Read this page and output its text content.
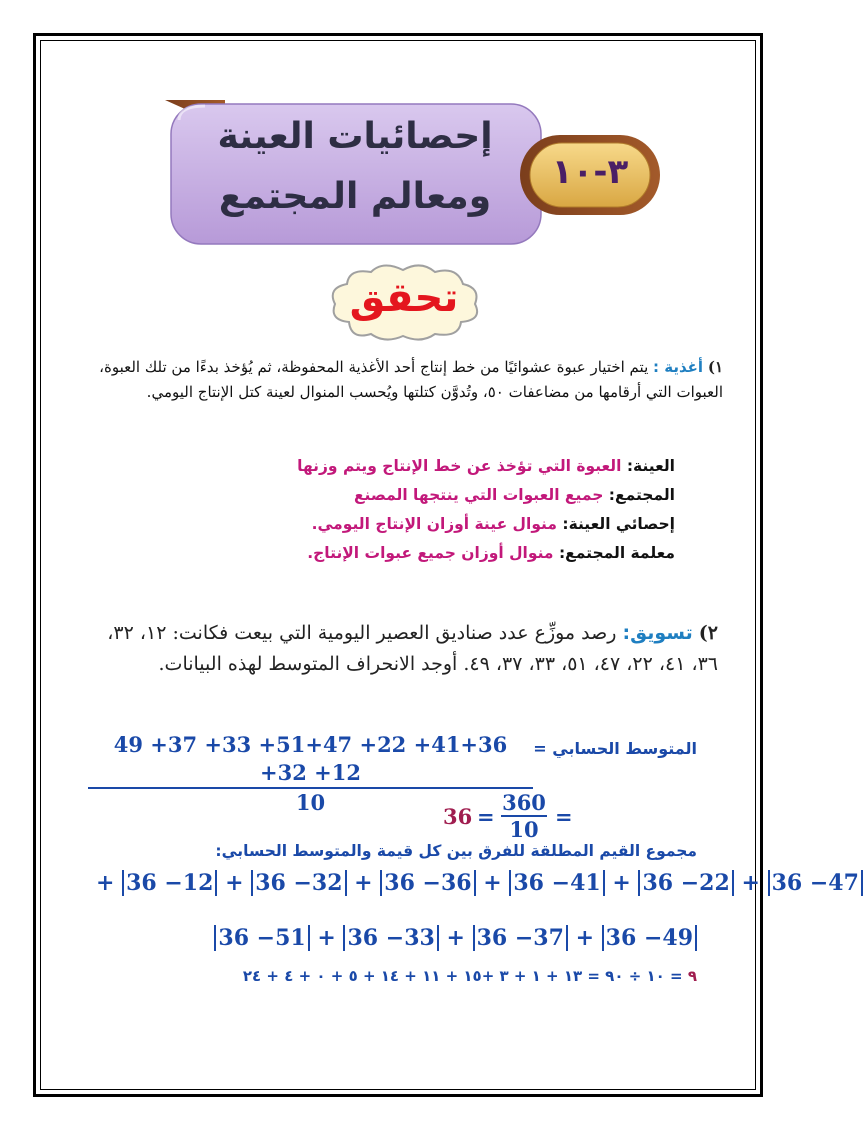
٣-١٠
إحصائيات العينة
ومعالم المجتمع
تحقق
١) أغذية : يتم اختيار عبوة عشوائيًا من خط إنتاج أحد الأغذية المحفوظة، ثم يُؤخذ بدءًا من تلك العبوة، العبوات التي أرقامها من مضاعفات ٥٠، وتُدوَّن كتلتها ويُحسب المنوال لعينة كتل الإنتاج اليومي.
العينة: العبوة التي تؤخذ عن خط الإنتاج ويتم وزنها
المجتمع: جميع العبوات التي ينتجها المصنع
إحصائي العينة: منوال عينة أوزان الإنتاج اليومي.
معلمة المجتمع: منوال أوزان جميع عبوات الإنتاج.
٢) تسويق: رصد موزِّع عدد صناديق العصير اليومية التي بيعت فكانت: ١٢، ٣٢، ٣٦، ٤١، ٢٢، ٤٧، ٥١، ٣٣، ٣٧، ٤٩. أوجد الانحراف المتوسط لهذه البيانات.
المتوسط الحسابي =
49 +37 +33 +51+47 +22 +41+36 +32 +12
10
36 =
360
10
=
مجموع القيم المطلقة للفرق بين كل قيمة والمتوسط الحسابي:
36 −12 + 36 −32 + 36 −36 + 36 −41 + 36 −22 + 36 −47 +
36 −51 + 36 −33 + 36 −37 + 36 −49
٩ = ١٠ ÷ ٩٠ = ١٣ + ١ + ٣ +١٥ + ١١ + ١٤ + ٥ + ٠ + ٤ + ٢٤
